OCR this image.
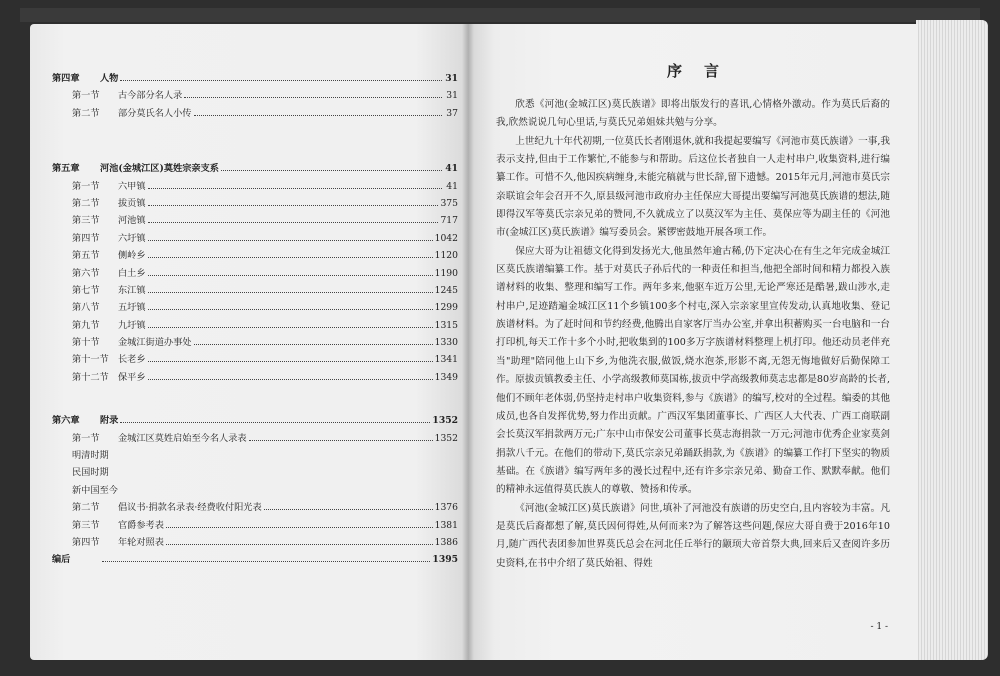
第四章	人物	31
第一节	古今部分名人录	31
第二节	部分莫氏名人小传	37
第五章	河池(金城江区)莫姓宗亲支系	41
第一节	六甲镇	41
第二节	拔贡镇	375
第三节	河池镇	717
第四节	六圩镇	1042
第五节	侧岭乡	1120
第六节	白土乡	1190
第七节	东江镇	1245
第八节	五圩镇	1299
第九节	九圩镇	1315
第十节	金城江街道办事处	1330
第十一节	长老乡	1341
第十二节	保平乡	1349
第六章	附录	1352
第一节	金城江区莫姓启始至今名人录表	1352
明清时期
民国时期
新中国至今
第二节	倡议书·捐款名录表·经费收付阳光表	1376
第三节	官爵参考表	1381
第四节	年轮对照表	1386
编后	1395
序言

欣悉《河池(金城江区)莫氏族谱》即将出版发行的喜讯,心情格外激动。作为莫氏后裔的我,欣然说说几句心里话,与莫氏兄弟姐妹共勉与分享。

上世纪九十年代初期,一位莫氏长者刚退休,就和我提起要编写《河池市莫氏族谱》一事,我表示支持,但由于工作繁忙,不能参与和帮助。后这位长者独自一人走村串户,收集资料,进行编纂工作。可惜不久,他因疾病缠身,未能完稿就与世长辞,留下遗憾。2015年元月,河池市莫氏宗亲联谊会年会召开不久,原县级河池市政府办主任保应大哥提出要编写河池莫氏族谱的想法,随即得汉军等莫氏宗亲兄弟的赞同,不久就成立了以莫汉军为主任、莫保应等为副主任的《河池市(金城江区)莫氏族谱》编写委员会。紧锣密鼓地开展各项工作。

保应大哥为让祖德文化得到发扬光大,他虽然年逾古稀,仍下定决心在有生之年完成金城江区莫氏族谱编纂工作。基于对莫氏子孙后代的一种责任和担当,他把全部时间和精力都投入族谱材料的收集、整理和编写工作。两年多来,他驱车近万公里,无论严寒还是酷暑,跋山涉水,走村串户,足迹踏遍金城江区11个乡镇100多个村屯,深入宗亲家里宣传发动,认真地收集、登记族谱材料。为了赶时间和节约经费,他腾出自家客厅当办公室,并拿出积蓄购买一台电脑和一台打印机,每天工作十多个小时,把收集到的100多万字族谱材料整理上机打印。他还动员老伴充当"助理"陪同他上山下乡,为他洗衣服,做饭,烧水泡茶,形影不离,无怨无悔地做好后勤保障工作。原拔贡镇教委主任、小学高级教师莫国栋,拔贡中学高级教师莫志忠都是80岁高龄的长者,他们不顾年老体弱,仍坚持走村串户收集资料,参与《族谱》的编写,校对的全过程。编委的其他成员,也各自发挥优势,努力作出贡献。广西汉军集团董事长、广西区人大代表、广西工商联副会长莫汉军捐款两万元;广东中山市保安公司董事长莫志海捐款一万元;河池市优秀企业家莫剑捐款八千元。在他们的带动下,莫氏宗亲兄弟踊跃捐款,为《族谱》的编纂工作打下坚实的物质基础。在《族谱》编写两年多的漫长过程中,还有许多宗亲兄弟、勤奋工作、默默奉献。他们的精神永远值得莫氏族人的尊敬、赞扬和传承。

《河池(金城江区)莫氏族谱》问世,填补了河池没有族谱的历史空白,且内容较为丰富。凡是莫氏后裔都想了解,莫氏因何得姓,从何而来?为了解答这些问题,保应大哥自费于2016年10月,随广西代表团参加世界莫氏总会在河北任丘举行的颛顼大帝首祭大典,回来后又查阅许多历史资料,在书中介绍了莫氏始祖、得姓

- 1 -
